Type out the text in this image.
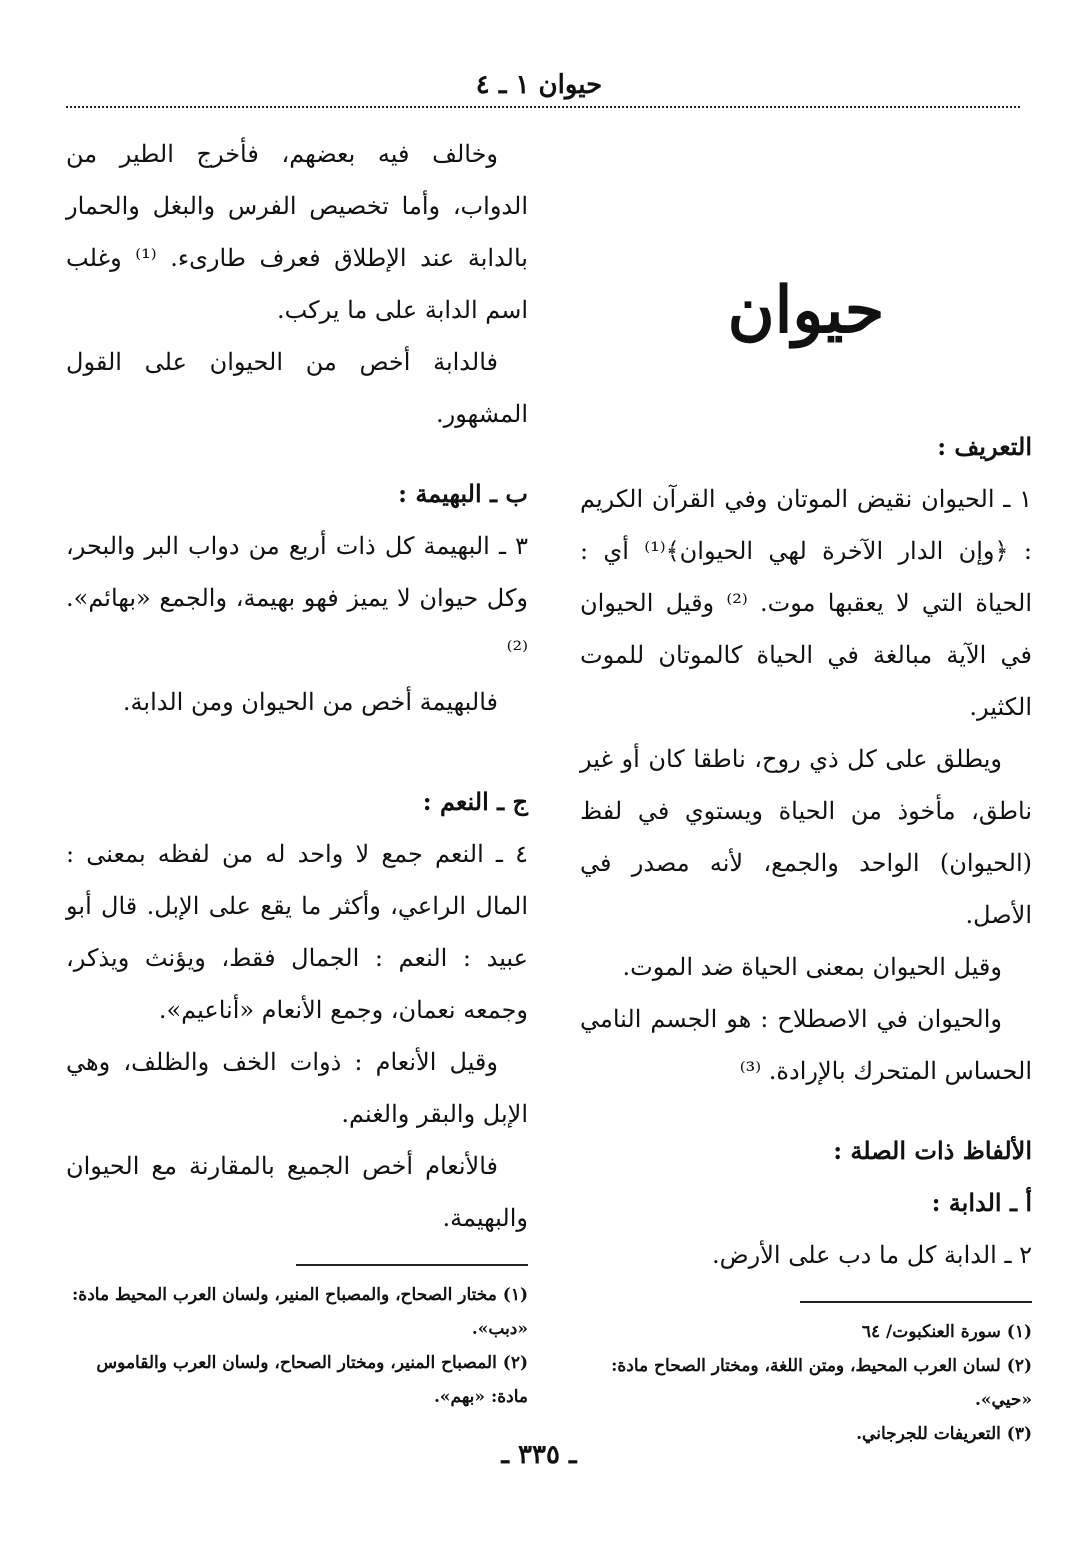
حيوان ١ ـ ٤
حيوان

التعريف :

١ ـ الحيوان نقيض الموتان وفي القرآن الكريم : ﴿وإن الدار الآخرة لهي الحيوان﴾⁽¹⁾ أي : الحياة التي لا يعقبها موت. ⁽²⁾ وقيل الحيوان في الآية مبالغة في الحياة كالموتان للموت الكثير.

ويطلق على كل ذي روح، ناطقا كان أو غير ناطق، مأخوذ من الحياة ويستوي في لفظ (الحيوان) الواحد والجمع، لأنه مصدر في الأصل.

وقيل الحيوان بمعنى الحياة ضد الموت.

والحيوان في الاصطلاح : هو الجسم النامي الحساس المتحرك بالإرادة. ⁽³⁾

الألفاظ ذات الصلة :

أ ـ الدابة :

٢ ـ الدابة كل ما دب على الأرض.

(١) سورة العنكبوت/ ٦٤

(٢) لسان العرب المحيط، ومتن اللغة، ومختار الصحاح مادة: «حيي».

(٣) التعريفات للجرجاني.

وخالف فيه بعضهم، فأخرج الطير من الدواب، وأما تخصيص الفرس والبغل والحمار بالدابة عند الإطلاق فعرف طارىء. ⁽¹⁾ وغلب اسم الدابة على ما يركب.

فالدابة أخص من الحيوان على القول المشهور.

ب ـ البهيمة :

٣ ـ البهيمة كل ذات أربع من دواب البر والبحر، وكل حيوان لا يميز فهو بهيمة، والجمع «بهائم». ⁽²⁾

فالبهيمة أخص من الحيوان ومن الدابة.

ج ـ النعم :

٤ ـ النعم جمع لا واحد له من لفظه بمعنى : المال الراعي، وأكثر ما يقع على الإبل. قال أبو عبيد : النعم : الجمال فقط، ويؤنث ويذكر، وجمعه نعمان، وجمع الأنعام «أناعيم».

وقيل الأنعام : ذوات الخف والظلف، وهي الإبل والبقر والغنم.

فالأنعام أخص الجميع بالمقارنة مع الحيوان والبهيمة.

(١) مختار الصحاح، والمصباح المنير، ولسان العرب المحيط مادة: «دبب».

(٢) المصباح المنير، ومختار الصحاح، ولسان العرب والقاموس مادة: «بهم».

ـ ٣٣٥ ـ
